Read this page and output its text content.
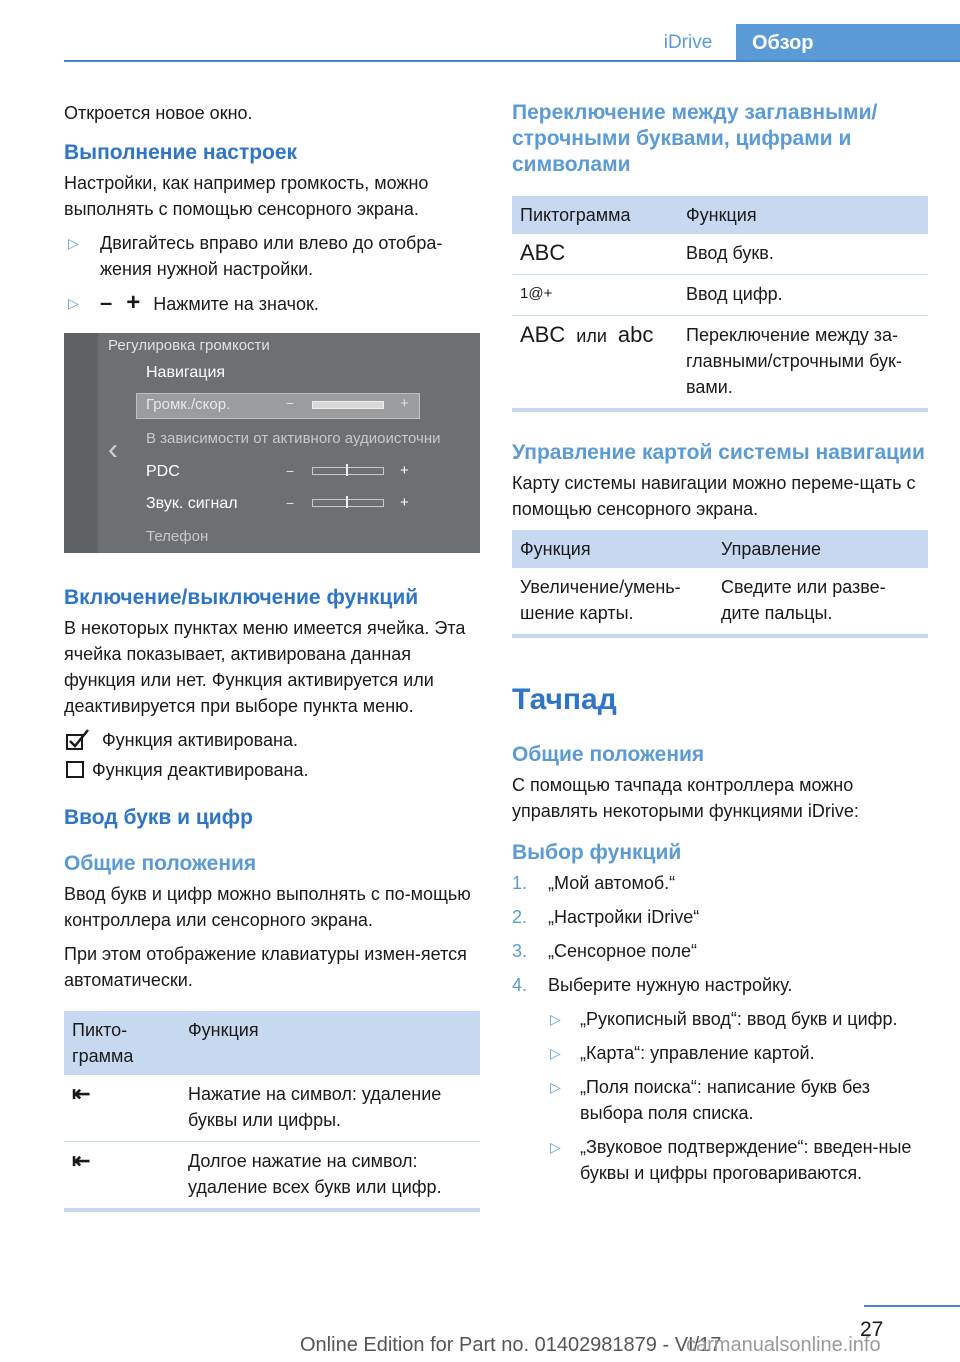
iDrive	Обзор

Откроется новое окно.

Выполнение настроек

Настройки, как например громкость, можно выполнять с помощью сенсорного экрана.

▷ Двигайтесь вправо или влево до отобра‐жения нужной настройки.
▷ – + Нажмите на значок.
‹
Регулировка громкости
Навигация
Громк./скор.	−	+
В зависимости от активного аудиоисточни
PDC	−	+
Звук. сигнал	−	+
Телефон
Включение/выключение функций

В некоторых пунктах меню имеется ячейка. Эта ячейка показывает, активирована данная функция или нет. Функция активируется или деактивируется при выборе пункта меню.

Функция активирована.
Функция деактивирована.
Ввод букв и цифр
Общие положения

Ввод букв и цифр можно выполнять с по‐мощью контроллера или сенсорного экрана.

При этом отображение клавиатуры измен‐яется автоматически.

Пикто‐грамма	Функция
⇤	Нажатие на символ: удаление буквы или цифры.
⇤	Долгое нажатие на символ: удаление всех букв или цифр.
Переключение между заглавными/строчными буквами, цифрами и символами
Пиктограмма	Функция
ABC	Ввод букв.
1@+	Ввод цифр.
ABC или abc	Переключение между за‐главными/строчными бук‐вами.
Управление картой системы навигации

Карту системы навигации можно переме‐щать с помощью сенсорного экрана.

Функция	Управление
Увеличение/умень‐шение карты.	Сведите или разве‐дите пальцы.
Тачпад
Общие положения

С помощью тачпада контроллера можно управлять некоторыми функциями iDrive:

Выбор функций
1. „Мой автомоб.“
2. „Настройки iDrive“
3. „Сенсорное поле“
4. Выберите нужную настройку.
▷ „Рукописный ввод“: ввод букв и цифр.
▷ „Карта“: управление картой.
▷ „Поля поиска“: написание букв без выбора поля списка.
▷ „Звуковое подтверждение“: введен‐ные буквы и цифры проговариваются.
27
Online Edition for Part no. 01402981879 - VI/17
carmanualsonline.info
